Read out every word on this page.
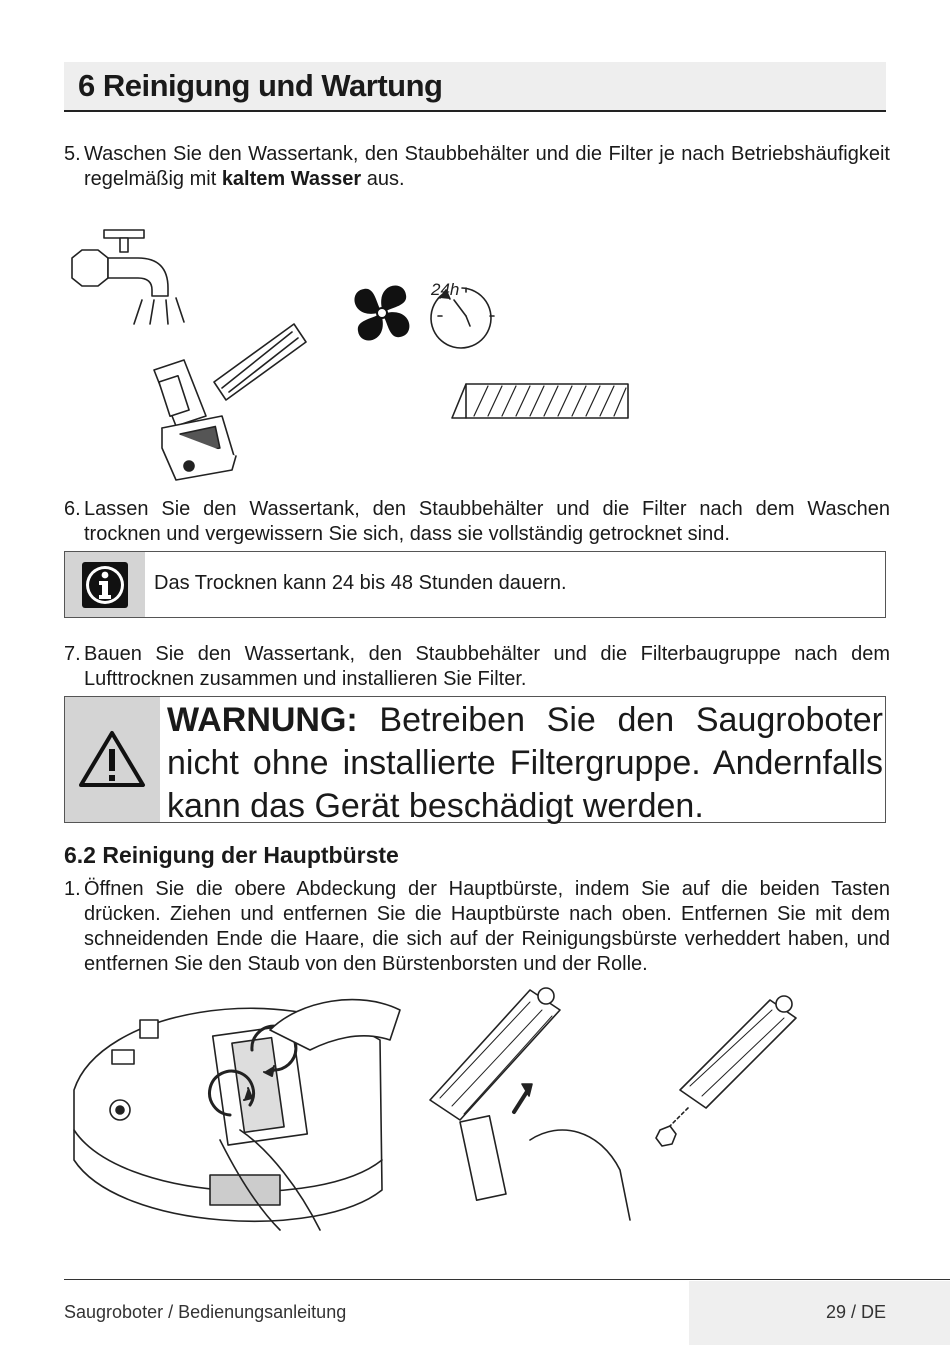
6 Reinigung und Wartung
5. Waschen Sie den Wassertank, den Staubbehälter und die Filter je nach Betriebshäufigkeit regelmäßig mit kaltem Wasser aus.
24h
6. Lassen Sie den Wassertank, den Staubbehälter und die Filter nach dem Waschen trocknen und vergewissern Sie sich, dass sie vollständig getrocknet sind.
Das Trocknen kann 24 bis 48 Stunden dauern.
7. Bauen Sie den Wassertank, den Staubbehälter und die Filterbaugruppe nach dem Lufttrocknen zusammen und installieren Sie Filter.
WARNUNG: Betreiben Sie den Saugroboter nicht ohne installierte Filtergruppe. Andernfalls kann das Gerät beschädigt werden.
6.2 Reinigung der Hauptbürste
1. Öffnen Sie die obere Abdeckung der Hauptbürste, indem Sie auf die beiden Tasten drücken. Ziehen und entfernen Sie die Hauptbürste nach oben. Entfernen Sie mit dem schneidenden Ende die Haare, die sich auf der Reinigungsbürste verheddert haben, und entfernen Sie den Staub von den Bürstenborsten und der Rolle.
Saugroboter / Bedienungsanleitung	29 / DE
